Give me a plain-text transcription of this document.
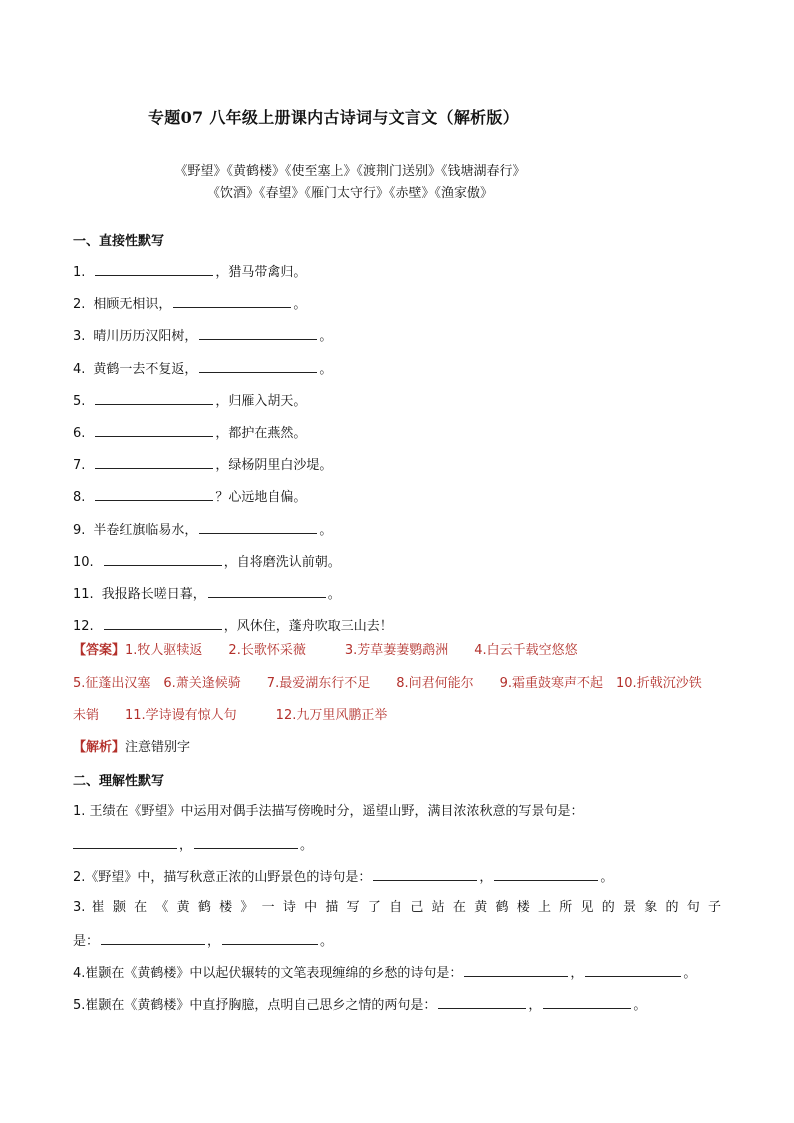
专题07 八年级上册课内古诗词与文言文（解析版）
《野望》《黄鹤楼》《使至塞上》《渡荆门送别》《钱塘湖春行》
《饮酒》《春望》《雁门太守行》《赤壁》《渔家傲》
一、直接性默写
1.	，猎马带禽归。
2. 相顾无相识，	。
3. 晴川历历汉阳树，	。
4. 黄鹤一去不复返，	。
5.	，归雁入胡天。
6.	，都护在燕然。
7.	，绿杨阴里白沙堤。
8.	？心远地自偏。
9. 半卷红旗临易水，	。
10.	，自将磨洗认前朝。
11. 我报路长嗟日暮，	。
12.	，风休住，蓬舟吹取三山去！
【答案】1.牧人驱犊返　　2.长歌怀采薇　　　3.芳草萋萋鹦鹉洲　　4.白云千载空悠悠
5.征蓬出汉塞　6.萧关逢候骑　　7.最爱湖东行不足　　8.问君何能尔　　9.霜重鼓寒声不起　10.折戟沉沙铁
未销　　11.学诗谩有惊人句　　　12.九万里风鹏正举
【解析】注意错别字
二、理解性默写
1. 王绩在《野望》中运用对偶手法描写傍晚时分，遥望山野，满目浓浓秋意的写景句是：
，	。
2.《野望》中，描写秋意正浓的山野景色的诗句是：	，	。
3. 崔 颢 在 《 黄 鹤 楼 》 一 诗 中 描 写 了 自 己 站 在 黄 鹤 楼 上 所 见 的 景 象 的 句 子
是：	，	。
4.崔颢在《黄鹤楼》中以起伏辗转的文笔表现缠绵的乡愁的诗句是：	，	。
5.崔颢在《黄鹤楼》中直抒胸臆，点明自己思乡之情的两句是：	，	。
